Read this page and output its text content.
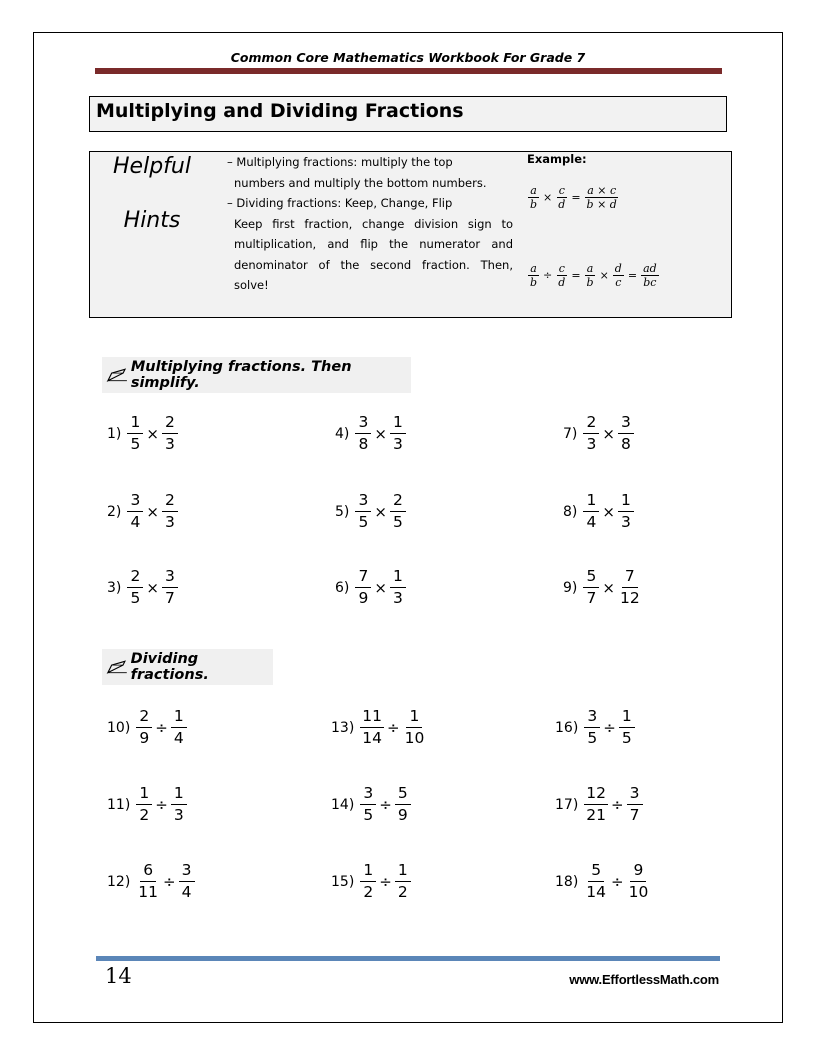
Common Core Mathematics Workbook For Grade 7
Multiplying and Dividing Fractions
Helpful
Hints
– Multiplying fractions: multiply the top
numbers and multiply the bottom numbers.
– Dividing fractions: Keep, Change, Flip
Keep first fraction, change division sign to multiplication, and flip the numerator and denominator of the second fraction. Then, solve!
Example:
$\frac{a}{b} \times \frac{c}{d} = \frac{a \times c}{b \times d}$
$\frac{a}{b} \div \frac{c}{d} = \frac{a}{b} \times \frac{d}{c} = \frac{ad}{bc}$
Multiplying fractions. Then simplify.
$1) \frac{1}{5} \times \frac{2}{3}$
$2) \frac{3}{4} \times \frac{2}{3}$
$3) \frac{2}{5} \times \frac{3}{7}$
$4) \frac{3}{8} \times \frac{1}{3}$
$5) \frac{3}{5} \times \frac{2}{5}$
$6) \frac{7}{9} \times \frac{1}{3}$
$7) \frac{2}{3} \times \frac{3}{8}$
$8) \frac{1}{4} \times \frac{1}{3}$
$9) \frac{5}{7} \times \frac{7}{12}$
Dividing fractions.
$10) \frac{2}{9} \div \frac{1}{4}$
$11) \frac{1}{2} \div \frac{1}{3}$
$12) \frac{6}{11} \div \frac{3}{4}$
$13) \frac{11}{14} \div \frac{1}{10}$
$14) \frac{3}{5} \div \frac{5}{9}$
$15) \frac{1}{2} \div \frac{1}{2}$
$16) \frac{3}{5} \div \frac{1}{5}$
$17) \frac{12}{21} \div \frac{3}{7}$
$18) \frac{5}{14} \div \frac{9}{10}$
14	www.EffortlessMath.com
